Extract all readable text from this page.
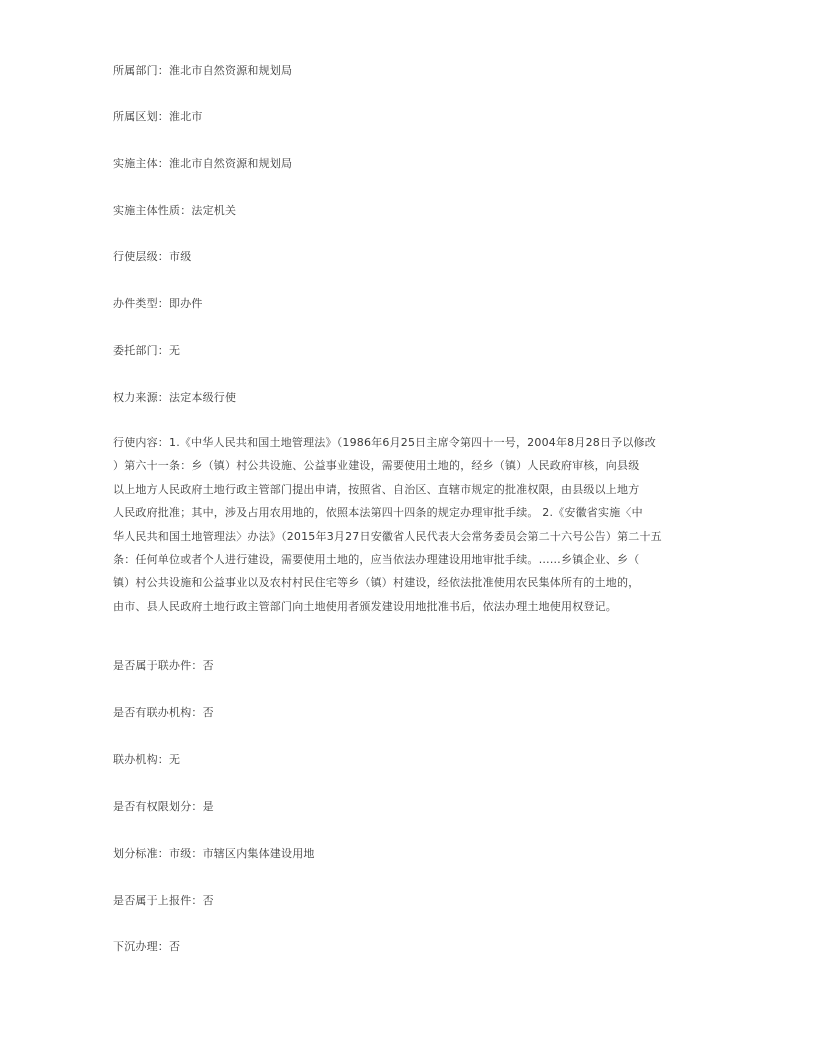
所属部门：淮北市自然资源和规划局
所属区划：淮北市
实施主体：淮北市自然资源和规划局
实施主体性质：法定机关
行使层级：市级
办件类型：即办件
委托部门：无
权力来源：法定本级行使
行使内容：1.《中华人民共和国土地管理法》（1986年6月25日主席令第四十一号，2004年8月28日予以修改
）第六十一条：乡（镇）村公共设施、公益事业建设，需要使用土地的，经乡（镇）人民政府审核，向县级
以上地方人民政府土地行政主管部门提出申请，按照省、自治区、直辖市规定的批准权限，由县级以上地方
人民政府批准；其中，涉及占用农用地的，依照本法第四十四条的规定办理审批手续。 2.《安徽省实施〈中
华人民共和国土地管理法〉办法》（2015年3月27日安徽省人民代表大会常务委员会第二十六号公告）第二十五
条：任何单位或者个人进行建设，需要使用土地的，应当依法办理建设用地审批手续。……乡镇企业、乡（
镇）村公共设施和公益事业以及农村村民住宅等乡（镇）村建设，经依法批准使用农民集体所有的土地的，
由市、县人民政府土地行政主管部门向土地使用者颁发建设用地批准书后，依法办理土地使用权登记。
是否属于联办件：否
是否有联办机构：否
联办机构：无
是否有权限划分：是
划分标准：市级：市辖区内集体建设用地
是否属于上报件：否
下沉办理：否
